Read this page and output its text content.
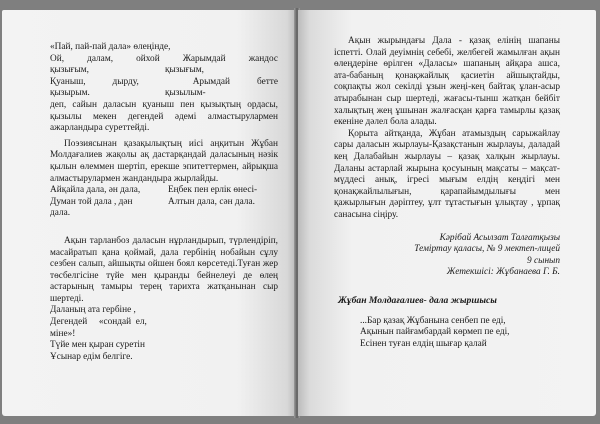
«Пай, пай-пай дала» өлеңінде,

Ой, далам, ойхой Жарымдай жандос
қызығым,	қызығым,
Қуаныш,	дырду,	Арымдай	бетте
қызырым.	қызылым-

деп, сайын даласын қуаныш пен қызықтың ордасы, қызылы мекен дегендей әдемі алмастырулармен ажарландыра суреттейді.

Поэзиясынан қазақылықтың иісі аңқитын Жұбан Молдағалиев жақолы ақ дастарқандай даласының нәзік қылын өлеммен шертіп, ерекше эпитеттермен, айрықша алмастырулармен жандандыра жырлайды.

Айқайла дала, ән дала,	Еңбек пен ерлік өнесі-
Думан той дала , дән	Алтын дала, сән дала.
дала.

Ақын тарланбоз даласын нұрландырып, түрлендіріп, масайратып қана қоймай, дала гербінің нобайын сұлу сезбен салып, айшықты ойшен боял көрсетеді.Туған жер төсбелгісіне түйе мен қыранды бейнелеуі де өлең астарының тамыры терең тарихта жатқанынан сыр шертеді.

Даланың ата гербіне ,

Дегендей     «сондай  ел,

міне»!

Түйе мен қыран суретін

Ұсынар едім белгіге.

Ақын жырындағы Дала - қазақ елінің шапаны іспетті. Олай деуімнің себебі, желбегей жамылған ақын өлеңдеріне өрілген «Даласы» шапаның айқара ашса, ата-бабаның қонақжайлық қасиетін айшықтайды, соқпақты жол секілді ұзын жеңі-кең байтақ ұлан-асыр атырабынан сыр шертеді, жағасы-тынш жатқан бейбіт халықтың жең ұшынан жалғасқан қарға тамырлы қазақ екеніне дәлел бола алады.

Қорыта айтқанда, Жұбан атамыздың сарыжайлау сары даласын жырлауы-Қазақстанын жырлауы, даладай кең Далабайын жырлауы – қазақ халқын жырлауы. Даланы астарлай жырына қосуының мақсаты – мақсат-мүддесі анық, ігресі мығым елдің кеңдігі мен қонақжайлылығын, қарапайымдылығы мен қажырлығын дәріптеу, ұлт тұтастығын ұлықтау , ұрпақ санасына сіңіру.

Кәрібай Асылзат Талғатқызы

Теміртау қаласы, № 9 мектеп-лицей

9 сынып

Жетекшісі: Жұбанаева Г. Б.

Жұбан Молдағалиев- дала жыршысы

...Бар қазақ Жұбанына сенбеп пе еді,

Ақынын пайғамбардай көрмеп пе еді,

Есінен туған елдің шығар қалай
